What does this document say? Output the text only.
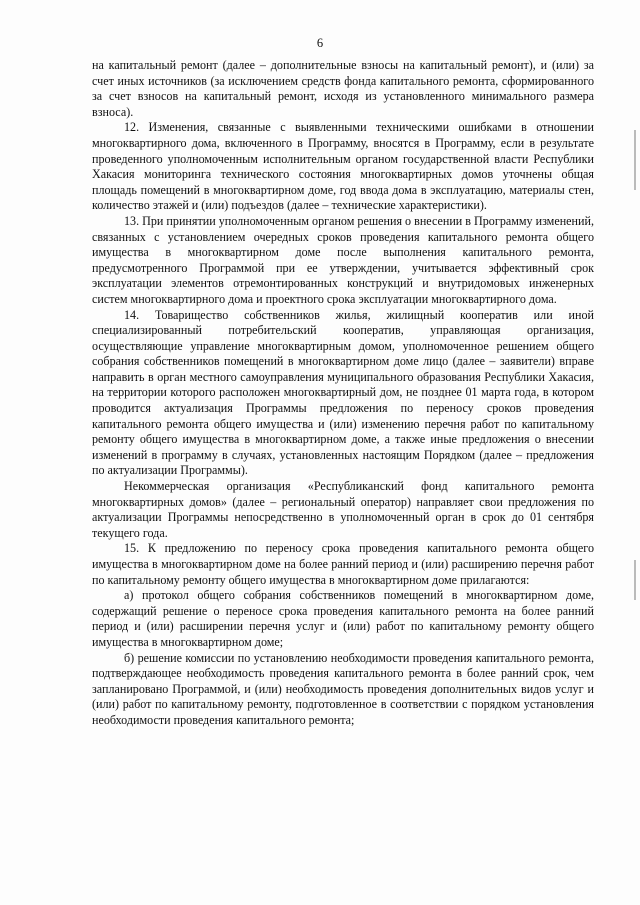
6

на капитальный ремонт (далее – дополнительные взносы на капитальный ремонт), и (или) за счет иных источников (за исключением средств фонда капитального ремонта, сформированного за счет взносов на капитальный ремонт, исходя из установленного минимального размера взноса).

12. Изменения, связанные с выявленными техническими ошибками в отношении многоквартирного дома, включенного в Программу, вносятся в Программу, если в результате проведенного уполномоченным исполнительным органом государственной власти Республики Хакасия мониторинга технического состояния многоквартирных домов уточнены общая площадь помещений в многоквартирном доме, год ввода дома в эксплуатацию, материалы стен, количество этажей и (или) подъездов (далее – технические характеристики).

13. При принятии уполномоченным органом решения о внесении в Программу изменений, связанных с установлением очередных сроков проведения капитального ремонта общего имущества в многоквартирном доме после выполнения капитального ремонта, предусмотренного Программой при ее утверждении, учитывается эффективный срок эксплуатации элементов отремонтированных конструкций и внутридомовых инженерных систем многоквартирного дома и проектного срока эксплуатации многоквартирного дома.

14. Товарищество собственников жилья, жилищный кооператив или иной специализированный потребительский кооператив, управляющая организация, осуществляющие управление многоквартирным домом, уполномоченное решением общего собрания собственников помещений в многоквартирном доме лицо (далее – заявители) вправе направить в орган местного самоуправления муниципального образования Республики Хакасия, на территории которого расположен многоквартирный дом, не позднее 01 марта года, в котором проводится актуализация Программы предложения по переносу сроков проведения капитального ремонта общего имущества и (или) изменению перечня работ по капитальному ремонту общего имущества в многоквартирном доме, а также иные предложения о внесении изменений в программу в случаях, установленных настоящим Порядком (далее – предложения по актуализации Программы).

Некоммерческая организация «Республиканский фонд капитального ремонта многоквартирных домов» (далее – региональный оператор) направляет свои предложения по актуализации Программы непосредственно в уполномоченный орган в срок до 01 сентября текущего года.

15. К предложению по переносу срока проведения капитального ремонта общего имущества в многоквартирном доме на более ранний период и (или) расширению перечня работ по капитальному ремонту общего имущества в многоквартирном доме прилагаются:

а) протокол общего собрания собственников помещений в многоквартирном доме, содержащий решение о переносе срока проведения капитального ремонта на более ранний период и (или) расширении перечня услуг и (или) работ по капитальному ремонту общего имущества в многоквартирном доме;

б) решение комиссии по установлению необходимости проведения капитального ремонта, подтверждающее необходимость проведения капитального ремонта в более ранний срок, чем запланировано Программой, и (или) необходимость проведения дополнительных видов услуг и (или) работ по капитальному ремонту, подготовленное в соответствии с порядком установления необходимости проведения капитального ремонта;
